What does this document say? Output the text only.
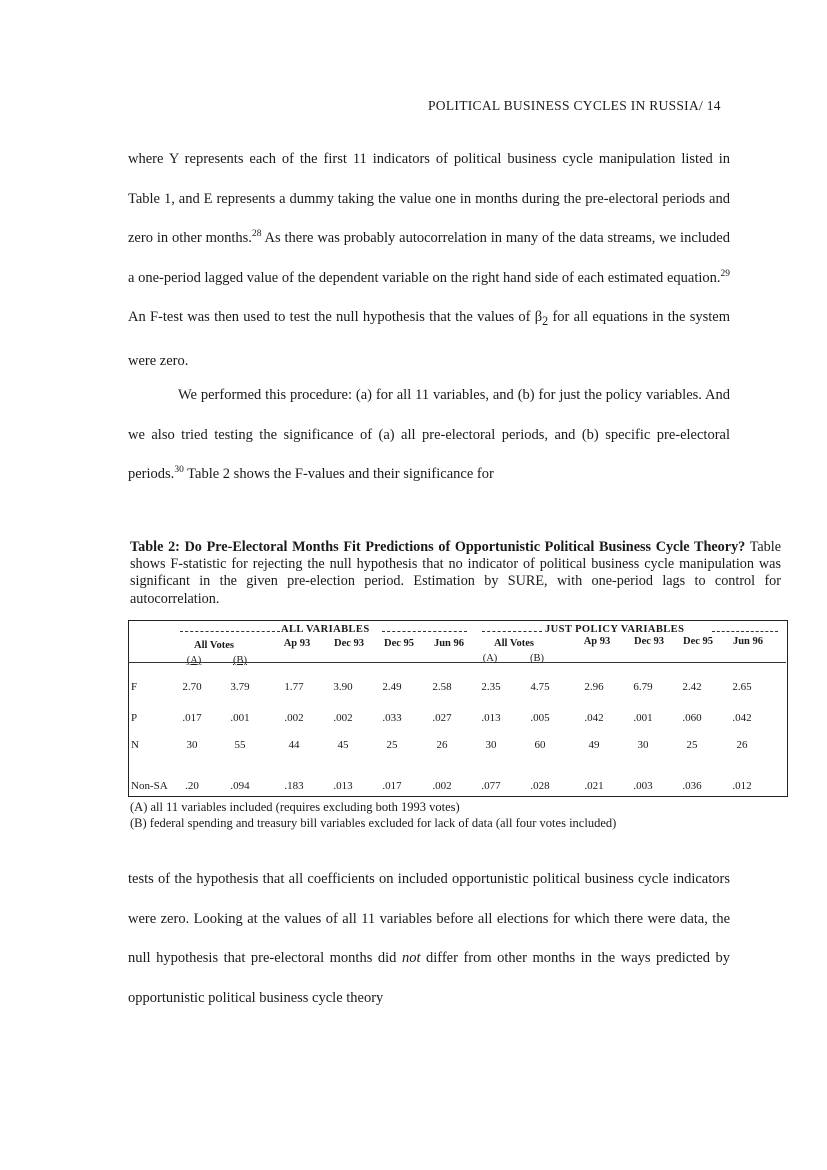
POLITICAL BUSINESS CYCLES IN RUSSIA/ 14

where Y represents each of the first 11 indicators of political business cycle manipulation listed in Table 1, and E represents a dummy taking the value one in months during the pre-electoral periods and zero in other months.$^{28}$ As there was probably autocorrelation in many of the data streams, we included a one-period lagged value of the dependent variable on the right hand side of each estimated equation.$^{29}$ An F-test was then used to test the null hypothesis that the values of $\beta_2$ for all equations in the system were zero.

We performed this procedure: (a) for all 11 variables, and (b) for just the policy variables. And we also tried testing the significance of (a) all pre-electoral periods, and (b) specific pre-electoral periods.$^{30}$ Table 2 shows the F-values and their significance for

Table 2: Do Pre-Electoral Months Fit Predictions of Opportunistic Political Business Cycle Theory? Table shows F-statistic for rejecting the null hypothesis that no indicator of political business cycle manipulation was significant in the given pre-election period. Estimation by SURE, with one-period lags to control for autocorrelation.
ALL VARIABLES	JUST POLICY VARIABLES
All Votes	Ap 93	Dec 93	Dec 95	Jun 96	All Votes	Ap 93	Dec 93	Dec 95	Jun 96
(A)	(B)	(A)	(B)
F	2.70	3.79	1.77	3.90	2.49	2.58	2.35	4.75	2.96	6.79	2.42	2.65
P	.017	.001	.002	.002	.033	.027	.013	.005	.042	.001	.060	.042
N	30	55	44	45	25	26	30	60	49	30	25	26
Non-SA	.20	.094	.183	.013	.017	.002	.077	.028	.021	.003	.036	.012
(A) all 11 variables included (requires excluding both 1993 votes)
(B) federal spending and treasury bill variables excluded for lack of data (all four votes included)

tests of the hypothesis that all coefficients on included opportunistic political business cycle indicators were zero. Looking at the values of all 11 variables before all elections for which there were data, the null hypothesis that pre-electoral months did not differ from other months in the ways predicted by opportunistic political business cycle theory
